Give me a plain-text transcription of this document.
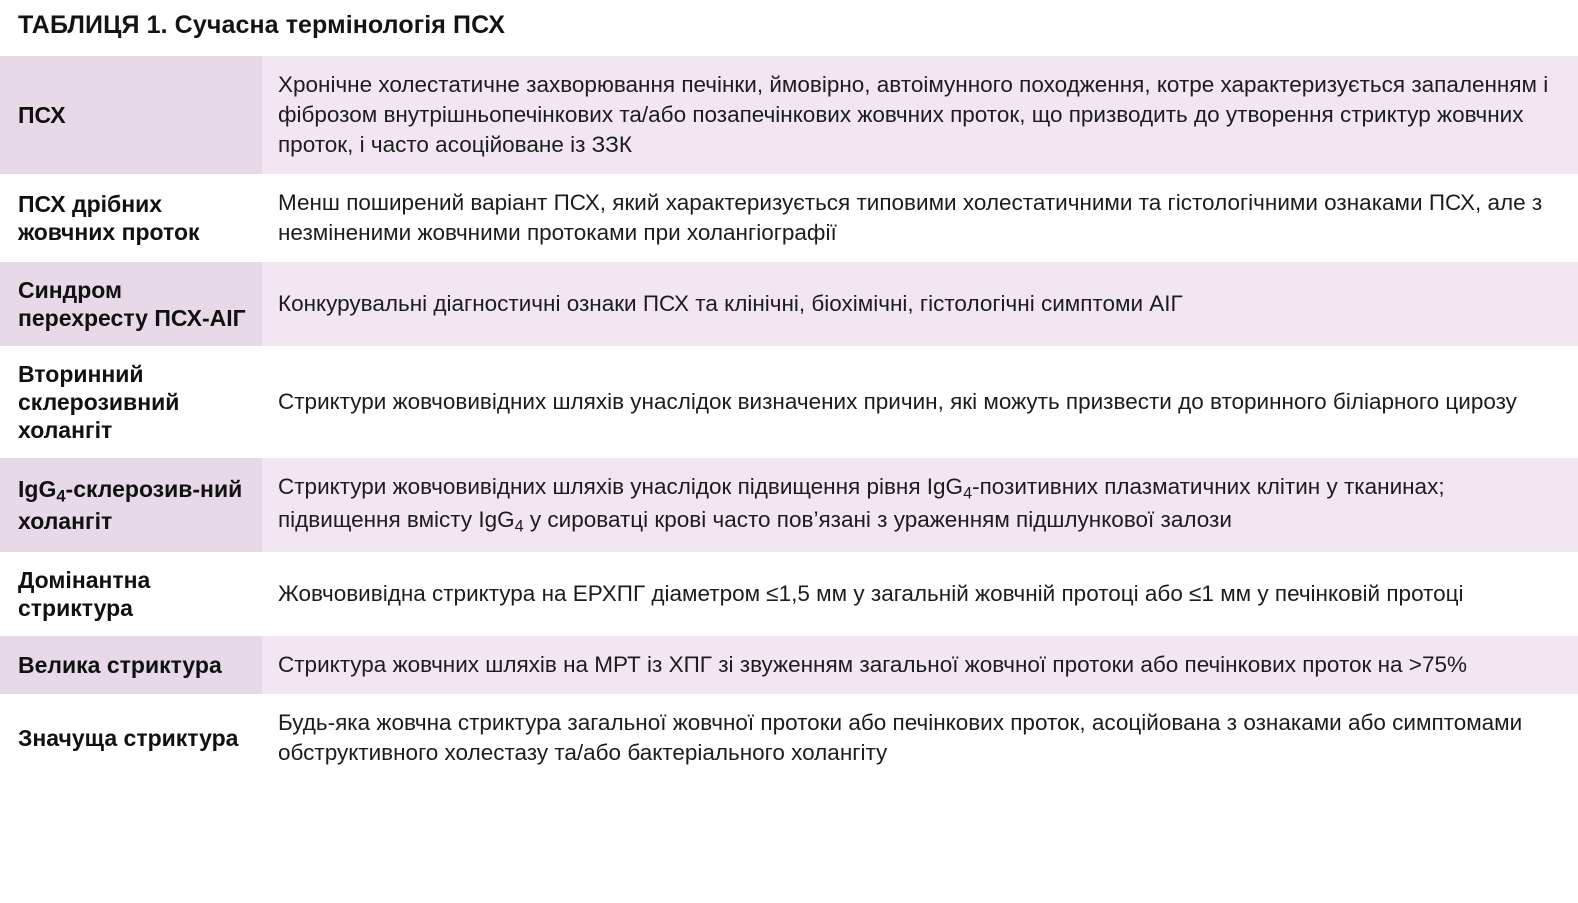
ТАБЛИЦЯ 1. Сучасна термінологія ПСХ
ПСХ	Хронічне холестатичне захворювання печінки, ймовірно, автоімунного походження, котре характеризується запаленням і фіброзом внутрішньопечінкових та/або позапечінкових жовчних проток, що призводить до утворення стриктур жовчних проток, і часто асоційоване із ЗЗК
ПСХ дрібних жовчних проток	Менш поширений варіант ПСХ, який характеризується типовими холестатичними та гістологічними ознаками ПСХ, але з незміненими жовчними протоками при холангіографії
Синдром перехресту ПСХ-АІГ	Конкурувальні діагностичні ознаки ПСХ та клінічні, біохімічні, гістологічні симптоми АІГ
Вторинний склерозивний холангіт	Стриктури жовчовивідних шляхів унаслідок визначених причин, які можуть призвести до вторинного біліарного цирозу
IgG$_4$-склерозив-ний холангіт	Стриктури жовчовивідних шляхів унаслідок підвищення рівня IgG$_4$-позитивних плазматичних клітин у тканинах; підвищення вмісту IgG$_4$ у сироватці крові часто пов’язані з ураженням підшлункової залози
Домінантна стриктура	Жовчовивідна стриктура на ЕРХПГ діаметром ≤1,5 мм у загальній жовчній протоці або ≤1 мм у печінковій протоці
Велика стриктура	Стриктура жовчних шляхів на МРТ із ХПГ зі звуженням загальної жовчної протоки або печінкових проток на >75%
Значуща стриктура	Будь-яка жовчна стриктура загальної жовчної протоки або печінкових проток, асоційована з ознаками або симптомами обструктивного холестазу та/або бактеріального холангіту
